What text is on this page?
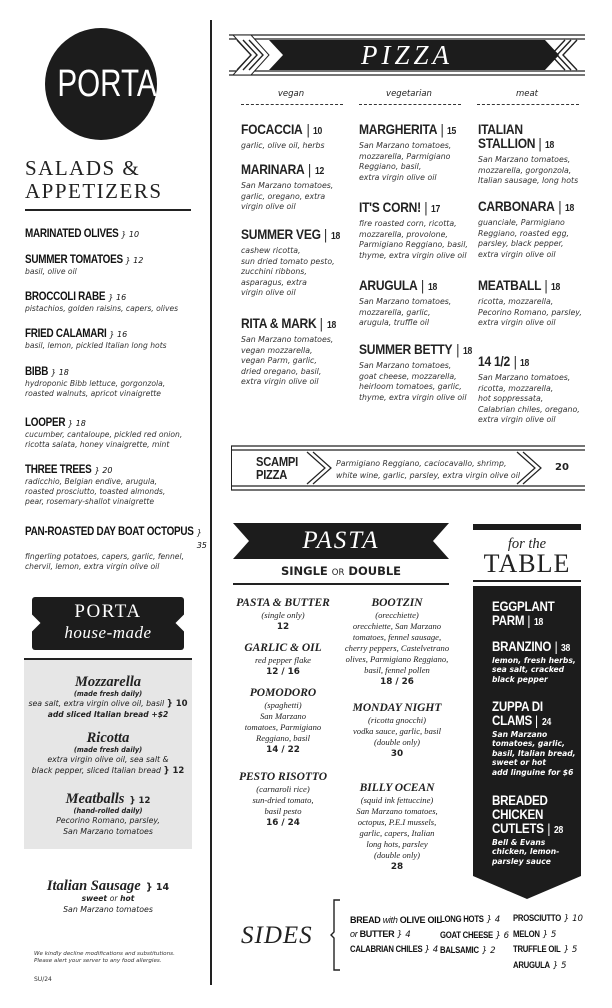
PORTA
SALADS &
APPETIZERS
MARINATED OLIVES } 10
SUMMER TOMATOES } 12
basil, olive oil
BROCCOLI RABE } 16
pistachios, golden raisins, capers, olives
FRIED CALAMARI } 16
basil, lemon, pickled Italian long hots
BIBB } 18
hydroponic Bibb lettuce, gorgonzola,
roasted walnuts, apricot vinaigrette
LOOPER } 18
cucumber, cantaloupe, pickled red onion,
ricotta salata, honey vinaigrette, mint
THREE TREES } 20
radicchio, Belgian endive, arugula,
roasted prosciutto, toasted almonds,
pear, rosemary-shallot vinaigrette
PAN-ROASTED DAY BOAT OCTOPUS } 35
fingerling potatoes, capers, garlic, fennel,
chervil, lemon, extra virgin olive oil
PORTA
house-made
Mozzarella
(made fresh daily)
sea salt, extra virgin olive oil, basil } 10
add sliced Italian bread +$2
Ricotta
(made fresh daily)
extra virgin olive oil, sea salt &
black pepper, sliced Italian bread } 12
Meatballs } 12
(hand-rolled daily)
Pecorino Romano, parsley,
San Marzano tomatoes
Italian Sausage } 14
sweet or hot
San Marzano tomatoes
We kindly decline modifications and substitutions.
Please alert your server to any food allergies.
SU/24
PIZZA
vegan	vegetarian	meat
FOCACCIA | 10
garlic, olive oil, herbs
MARINARA | 12
San Marzano tomatoes,
garlic, oregano, extra
virgin olive oil
SUMMER VEG | 18
cashew ricotta,
sun dried tomato pesto,
zucchini ribbons,
asparagus, extra
virgin olive oil
RITA & MARK | 18
San Marzano tomatoes,
vegan mozzarella,
vegan Parm, garlic,
dried oregano, basil,
extra virgin olive oil
MARGHERITA | 15
San Marzano tomatoes,
mozzarella, Parmigiano
Reggiano, basil,
extra virgin olive oil
IT'S CORN! | 17
fire roasted corn, ricotta,
mozzarella, provolone,
Parmigiano Reggiano, basil,
thyme, extra virgin olive oil
ARUGULA | 18
San Marzano tomatoes,
mozzarella, garlic,
arugula, truffle oil
SUMMER BETTY | 18
San Marzano tomatoes,
goat cheese, mozzarella,
heirloom tomatoes, garlic,
thyme, extra virgin olive oil
ITALIAN
STALLION | 18
San Marzano tomatoes,
mozzarella, gorgonzola,
Italian sausage, long hots
CARBONARA | 18
guanciale, Parmigiano
Reggiano, roasted egg,
parsley, black pepper,
extra virgin olive oil
MEATBALL | 18
ricotta, mozzarella,
Pecorino Romano, parsley,
extra virgin olive oil
14 1/2 | 18
San Marzano tomatoes,
ricotta, mozzarella,
hot soppressata,
Calabrian chiles, oregano,
extra virgin olive oil
SCAMPI
PIZZA
Parmigiano Reggiano, caciocavallo, shrimp,
white wine, garlic, parsley, extra virgin olive oil
20
PASTA
SINGLE OR DOUBLE
PASTA & BUTTER
(single only)
12
GARLIC & OIL
red pepper flake
12 / 16
POMODORO
(spaghetti)
San Marzano
tomatoes, Parmigiano
Reggiano, basil
14 / 22
PESTO RISOTTO
(carnaroli rice)
sun-dried tomato,
basil pesto
16 / 24
BOOTZIN
(orecchiette)
orecchiette, San Marzano
tomatoes, fennel sausage,
cherry peppers, Castelvetrano
olives, Parmigiano Reggiano,
basil, fennel pollen
18 / 26
MONDAY NIGHT
(ricotta gnocchi)
vodka sauce, garlic, basil
(double only)
30
BILLY OCEAN
(squid ink fettuccine)
San Marzano tomatoes,
octopus, P.E.I mussels,
garlic, capers, Italian
long hots, parsley
(double only)
28
for the
TABLE
EGGPLANT
PARM | 18
BRANZINO | 38
lemon, fresh herbs,
sea salt, cracked
black pepper
ZUPPA DI
CLAMS | 24
San Marzano
tomatoes, garlic,
basil, Italian bread,
sweet or hot
add linguine for $6
BREADED
CHICKEN
CUTLETS | 28
Bell & Evans
chicken, lemon-
parsley sauce
SIDES
BREAD with OLIVE OIL
or BUTTER } 4
CALABRIAN CHILES } 4
LONG HOTS } 4
GOAT CHEESE } 6
BALSAMIC } 2
PROSCIUTTO } 10
MELON } 5
TRUFFLE OIL } 5
ARUGULA } 5
